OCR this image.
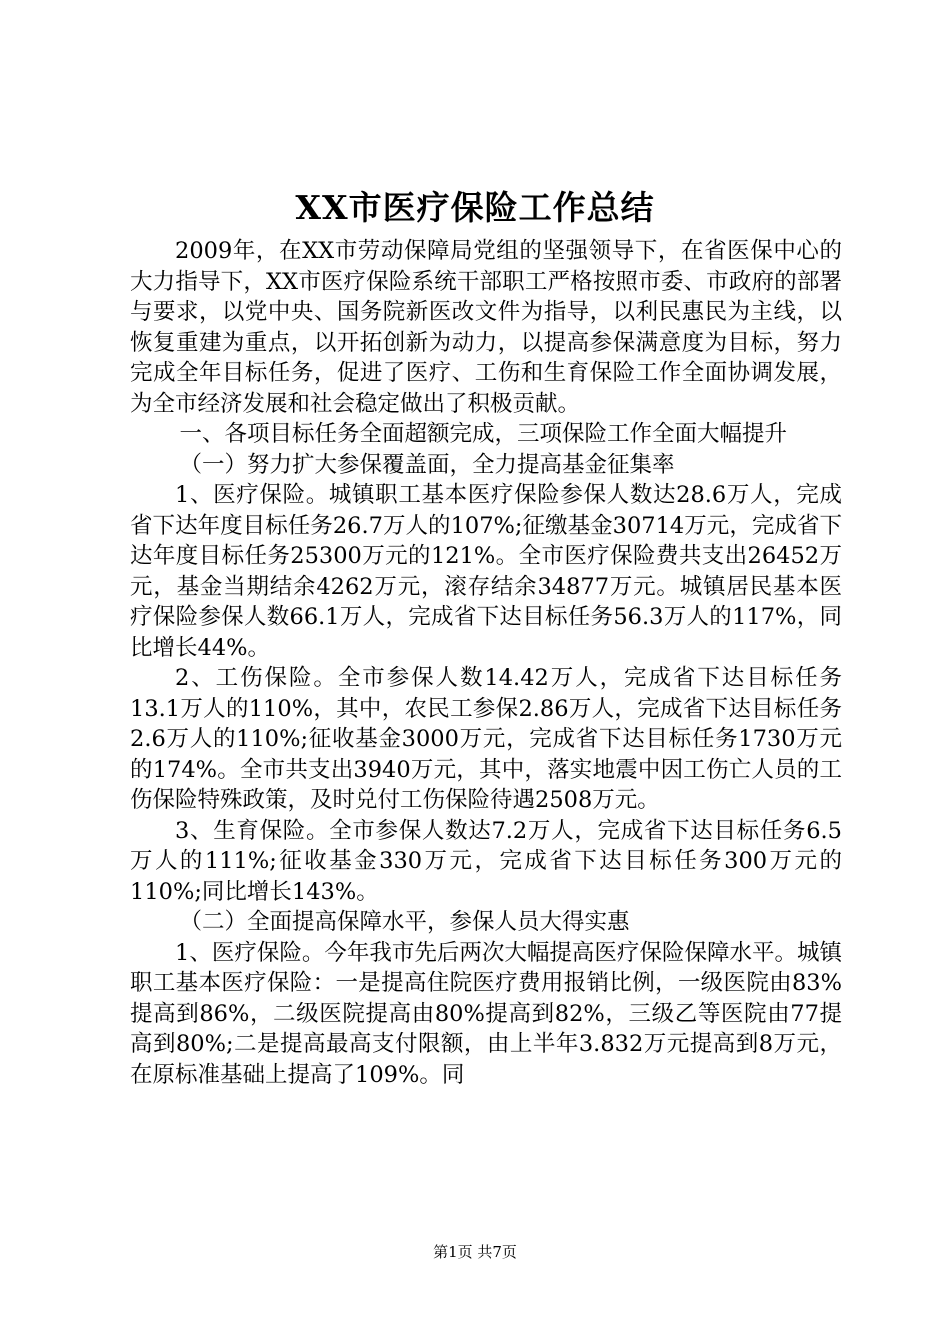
XX市医疗保险工作总结

2009年，在XX市劳动保障局党组的坚强领导下，在省医保中心的大力指导下，XX市医疗保险系统干部职工严格按照市委、市政府的部署与要求，以党中央、国务院新医改文件为指导，以利民惠民为主线，以恢复重建为重点，以开拓创新为动力，以提高参保满意度为目标，努力完成全年目标任务，促进了医疗、工伤和生育保险工作全面协调发展，为全市经济发展和社会稳定做出了积极贡献。

一、各项目标任务全面超额完成，三项保险工作全面大幅提升

（一）努力扩大参保覆盖面，全力提高基金征集率

1、医疗保险。城镇职工基本医疗保险参保人数达28.6万人，完成省下达年度目标任务26.7万人的107%;征缴基金30714万元，完成省下达年度目标任务25300万元的121%。全市医疗保险费共支出26452万元，基金当期结余4262万元，滚存结余34877万元。城镇居民基本医疗保险参保人数66.1万人，完成省下达目标任务56.3万人的117%，同比增长44%。

2、工伤保险。全市参保人数14.42万人，完成省下达目标任务13.1万人的110%，其中，农民工参保2.86万人，完成省下达目标任务2.6万人的110%;征收基金3000万元，完成省下达目标任务1730万元的174%。全市共支出3940万元，其中，落实地震中因工伤亡人员的工伤保险特殊政策，及时兑付工伤保险待遇2508万元。

3、生育保险。全市参保人数达7.2万人，完成省下达目标任务6.5万人的111%;征收基金330万元，完成省下达目标任务300万元的110%;同比增长143%。

（二）全面提高保障水平，参保人员大得实惠

1、医疗保险。今年我市先后两次大幅提高医疗保险保障水平。城镇职工基本医疗保险：一是提高住院医疗费用报销比例，一级医院由83%提高到86%，二级医院提高由80%提高到82%，三级乙等医院由77提高到80%;二是提高最高支付限额，由上半年3.832万元提高到8万元，在原标准基础上提高了109%。同

第1页 共7页
